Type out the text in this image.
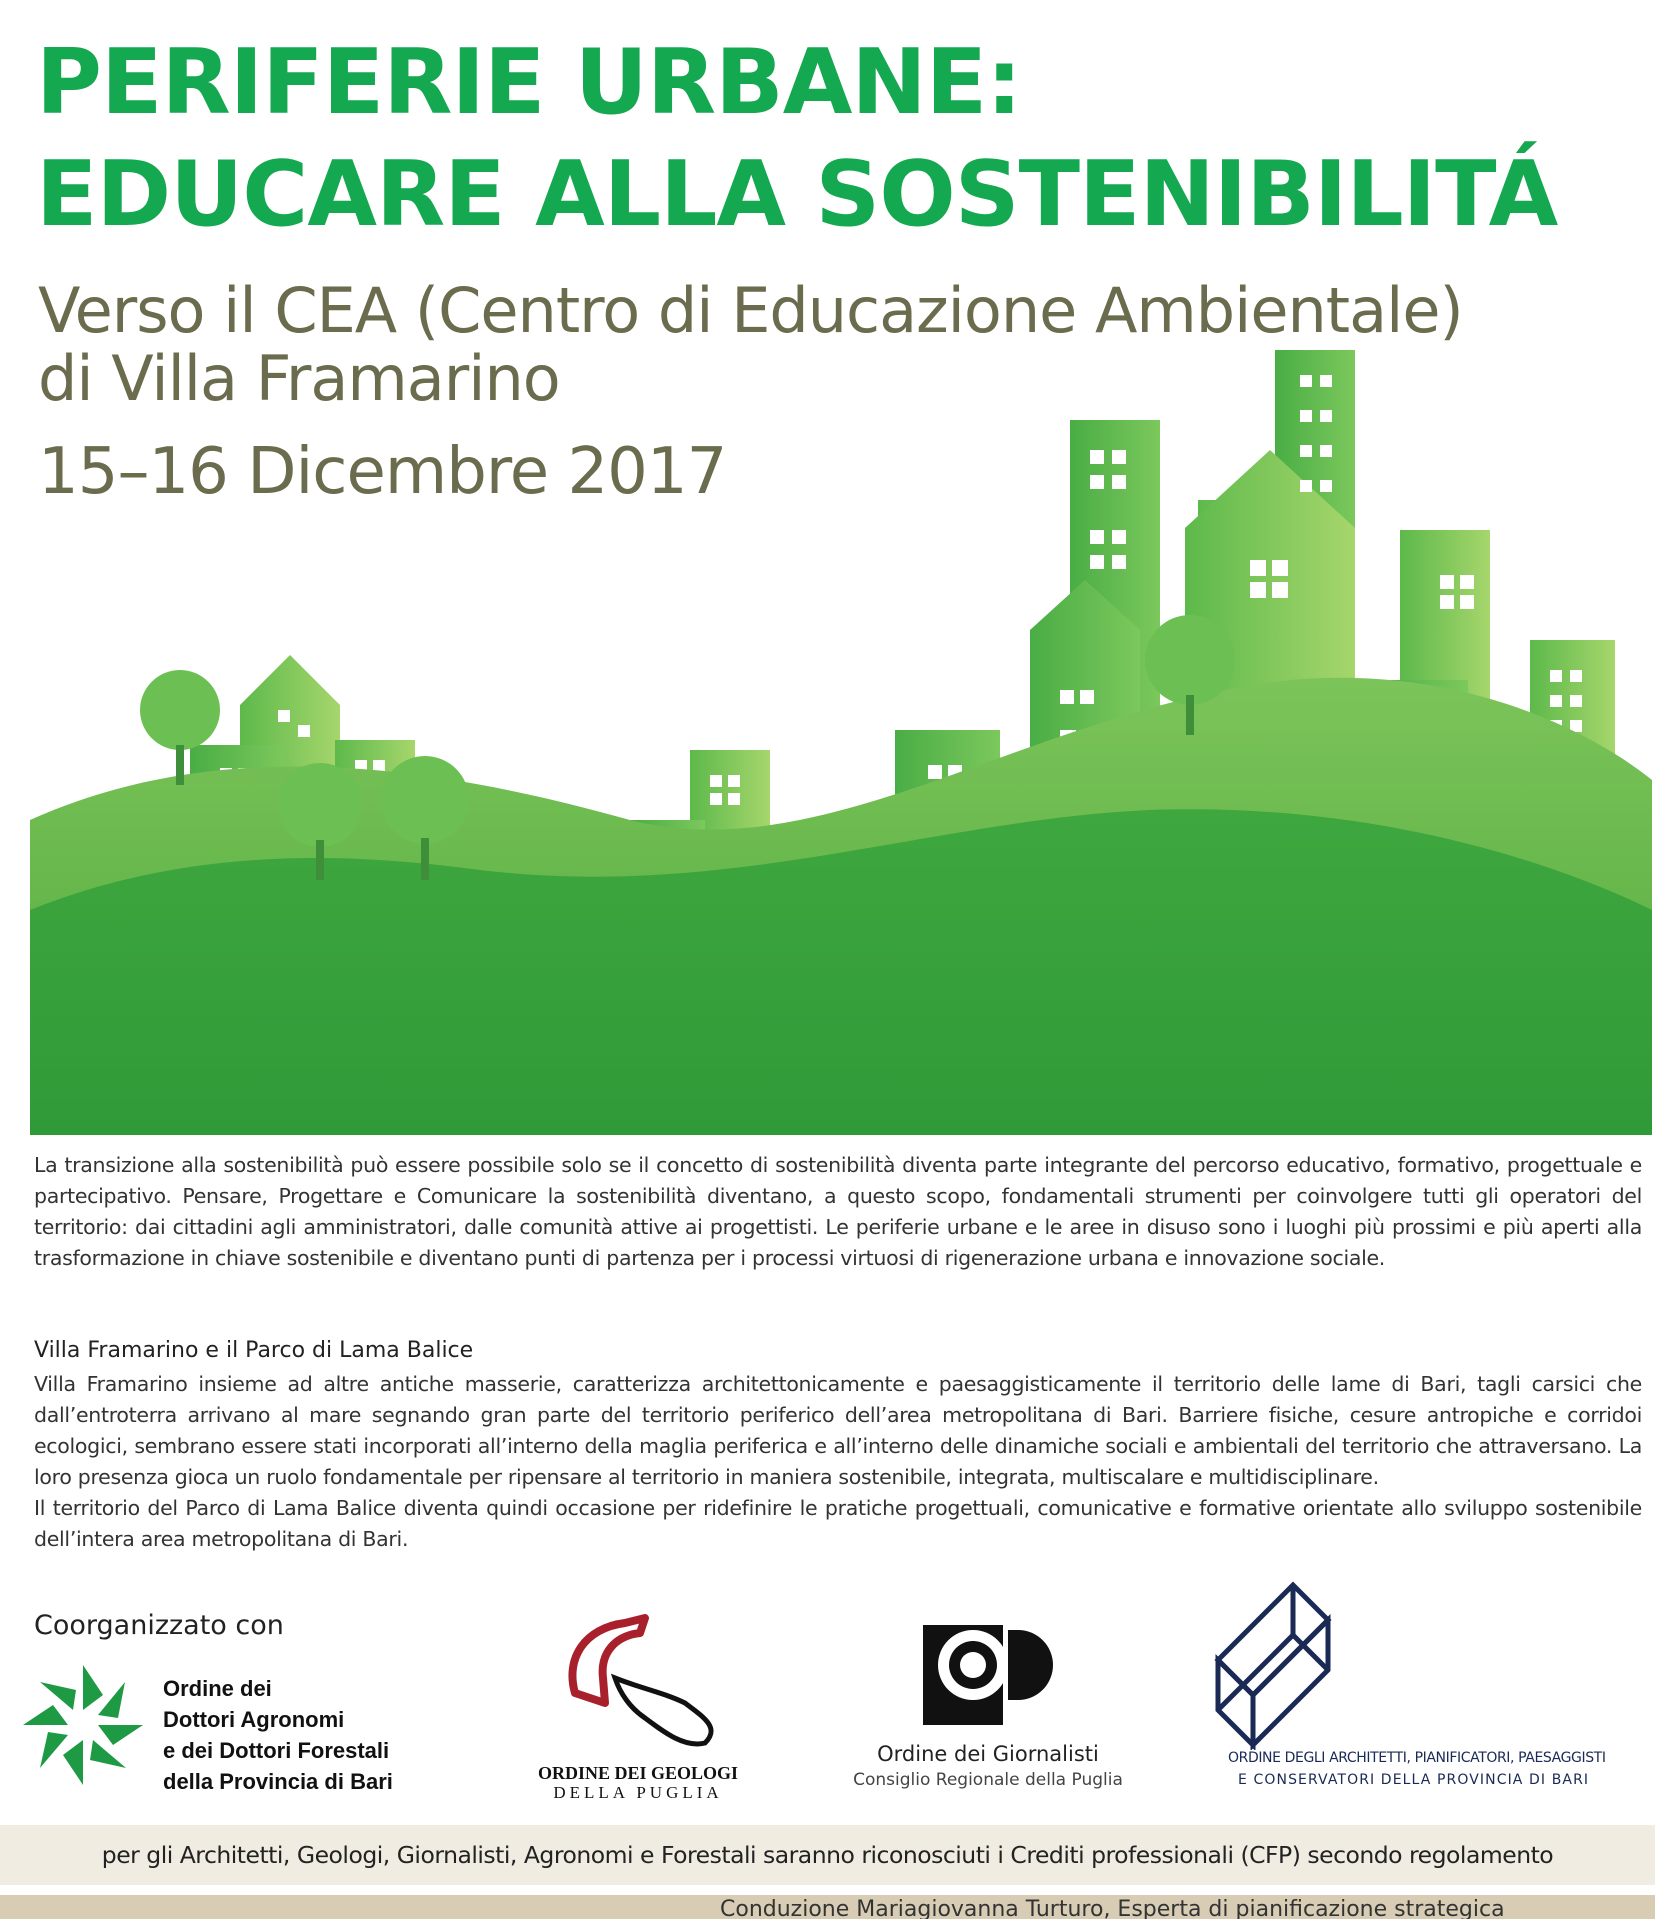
PERIFERIE URBANE:
EDUCARE ALLA SOSTENIBILITÁ
Verso il CEA (Centro di Educazione Ambientale)
di Villa Framarino
15–16 Dicembre 2017

La transizione alla sostenibilità può essere possibile solo se il concetto di sostenibilità diventa parte integrante del percorso educativo, formativo, progettuale e partecipativo. Pensare, Progettare e Comunicare la sostenibilità diventano, a questo scopo, fondamentali strumenti per coinvolgere tutti gli operatori del territorio: dai cittadini agli amministratori, dalle comunità attive ai progettisti. Le periferie urbane e le aree in disuso sono i luoghi più prossimi e più aperti alla trasformazione in chiave sostenibile e diventano punti di partenza per i processi virtuosi di rigenerazione urbana e innovazione sociale.

Villa Framarino e il Parco di Lama Balice
Villa Framarino insieme ad altre antiche masserie, caratterizza architettonicamente e paesaggisticamente il territorio delle lame di Bari, tagli carsici che dall’entroterra arrivano al mare segnando gran parte del territorio periferico dell’area metropolitana di Bari. Barriere fisiche, cesure antropiche e corridoi ecologici, sembrano essere stati incorporati all’interno della maglia periferica e all’interno delle dinamiche sociali e ambientali del territorio che attraversano. La loro presenza gioca un ruolo fondamentale per ripensare al territorio in maniera sostenibile, integrata, multiscalare e multidisciplinare.
Il territorio del Parco di Lama Balice diventa quindi occasione per ridefinire le pratiche progettuali, comunicative e formative orientate allo sviluppo sostenibile dell’intera area metropolitana di Bari.
Coorganizzato con
Ordine dei
Dottori Agronomi
e dei Dottori Forestali
della Provincia di Bari	ORDINE DEI GEOLOGI
DELLA PUGLIA
Ordine dei Giornalisti
Consiglio Regionale della Puglia
ORDINE DEGLI ARCHITETTI, PIANIFICATORI, PAESAGGISTI
E CONSERVATORI DELLA PROVINCIA DI BARI
per gli Architetti, Geologi, Giornalisti, Agronomi e Forestali saranno riconosciuti i Crediti professionali (CFP) secondo regolamento
Conduzione Mariagiovanna Turturo, Esperta di pianificazione strategica
